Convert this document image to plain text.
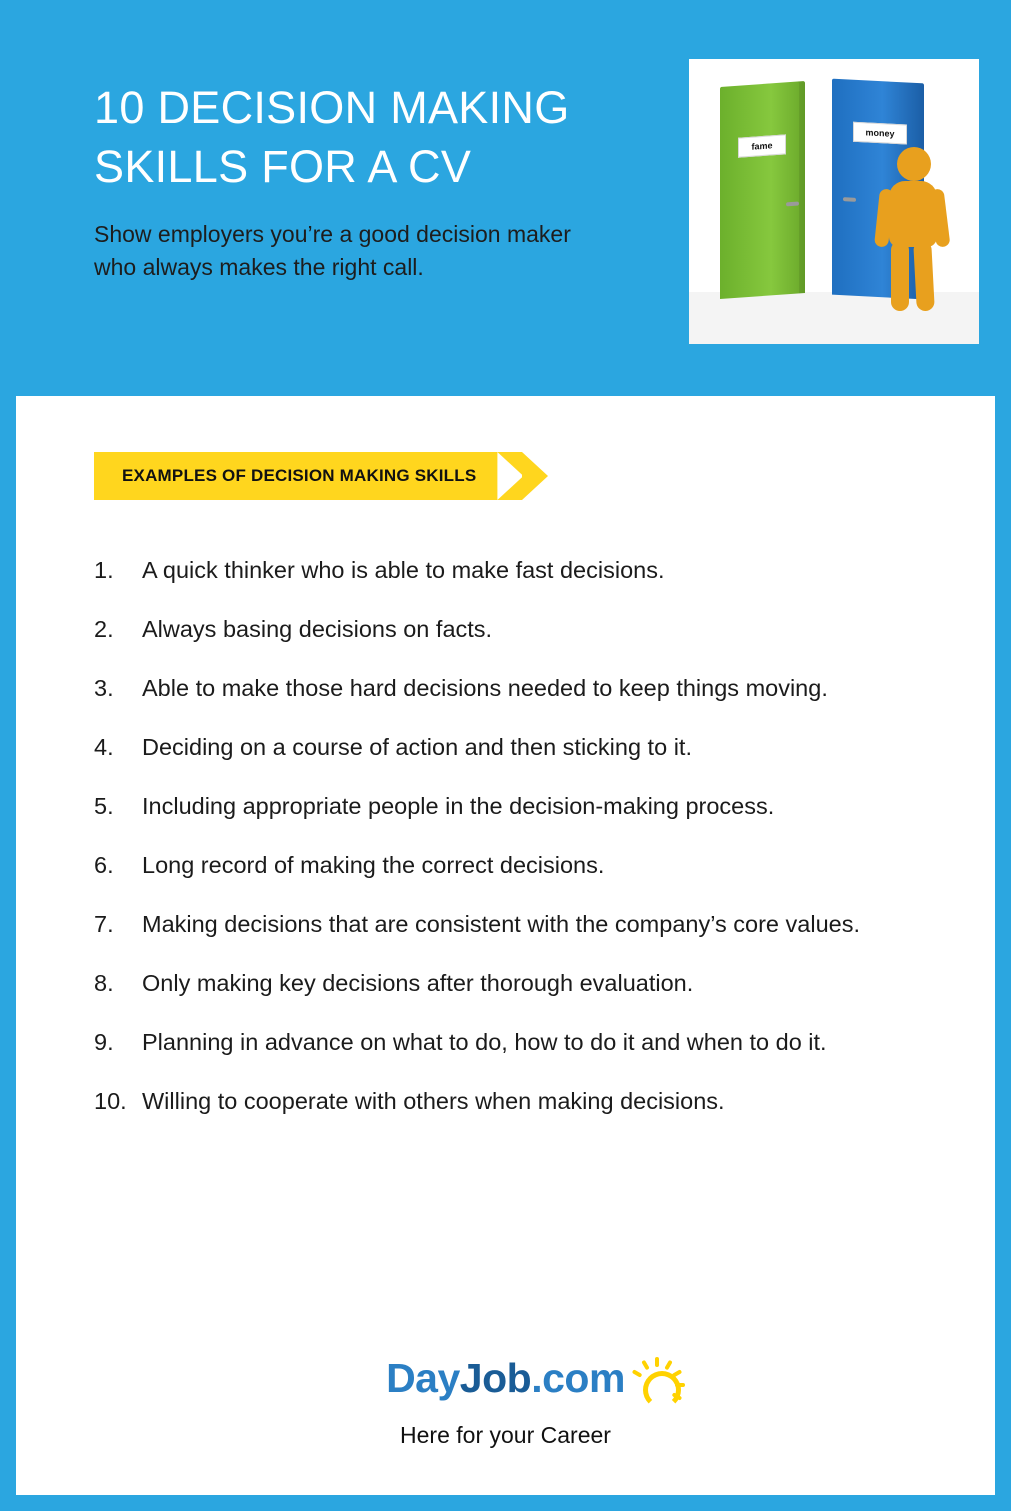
10 DECISION MAKING SKILLS FOR A CV

Show employers you’re a good decision maker who always makes the right call.

fame
money
EXAMPLES OF DECISION MAKING SKILLS
1.	A quick thinker who is able to make fast decisions.
2.	Always basing decisions on facts.
3.	Able to make those hard decisions needed to keep things moving.
4.	Deciding on a course of action and then sticking to it.
5.	Including appropriate people in the decision-making process.
6.	Long record of making the correct decisions.
7.	Making decisions that are consistent with the company’s core values.
8.	Only making key decisions after thorough evaluation.
9.	Planning in advance on what to do, how to do it and when to do it.
10. Willing to cooperate with others when making decisions.
DayJob.com
Here for your Career
